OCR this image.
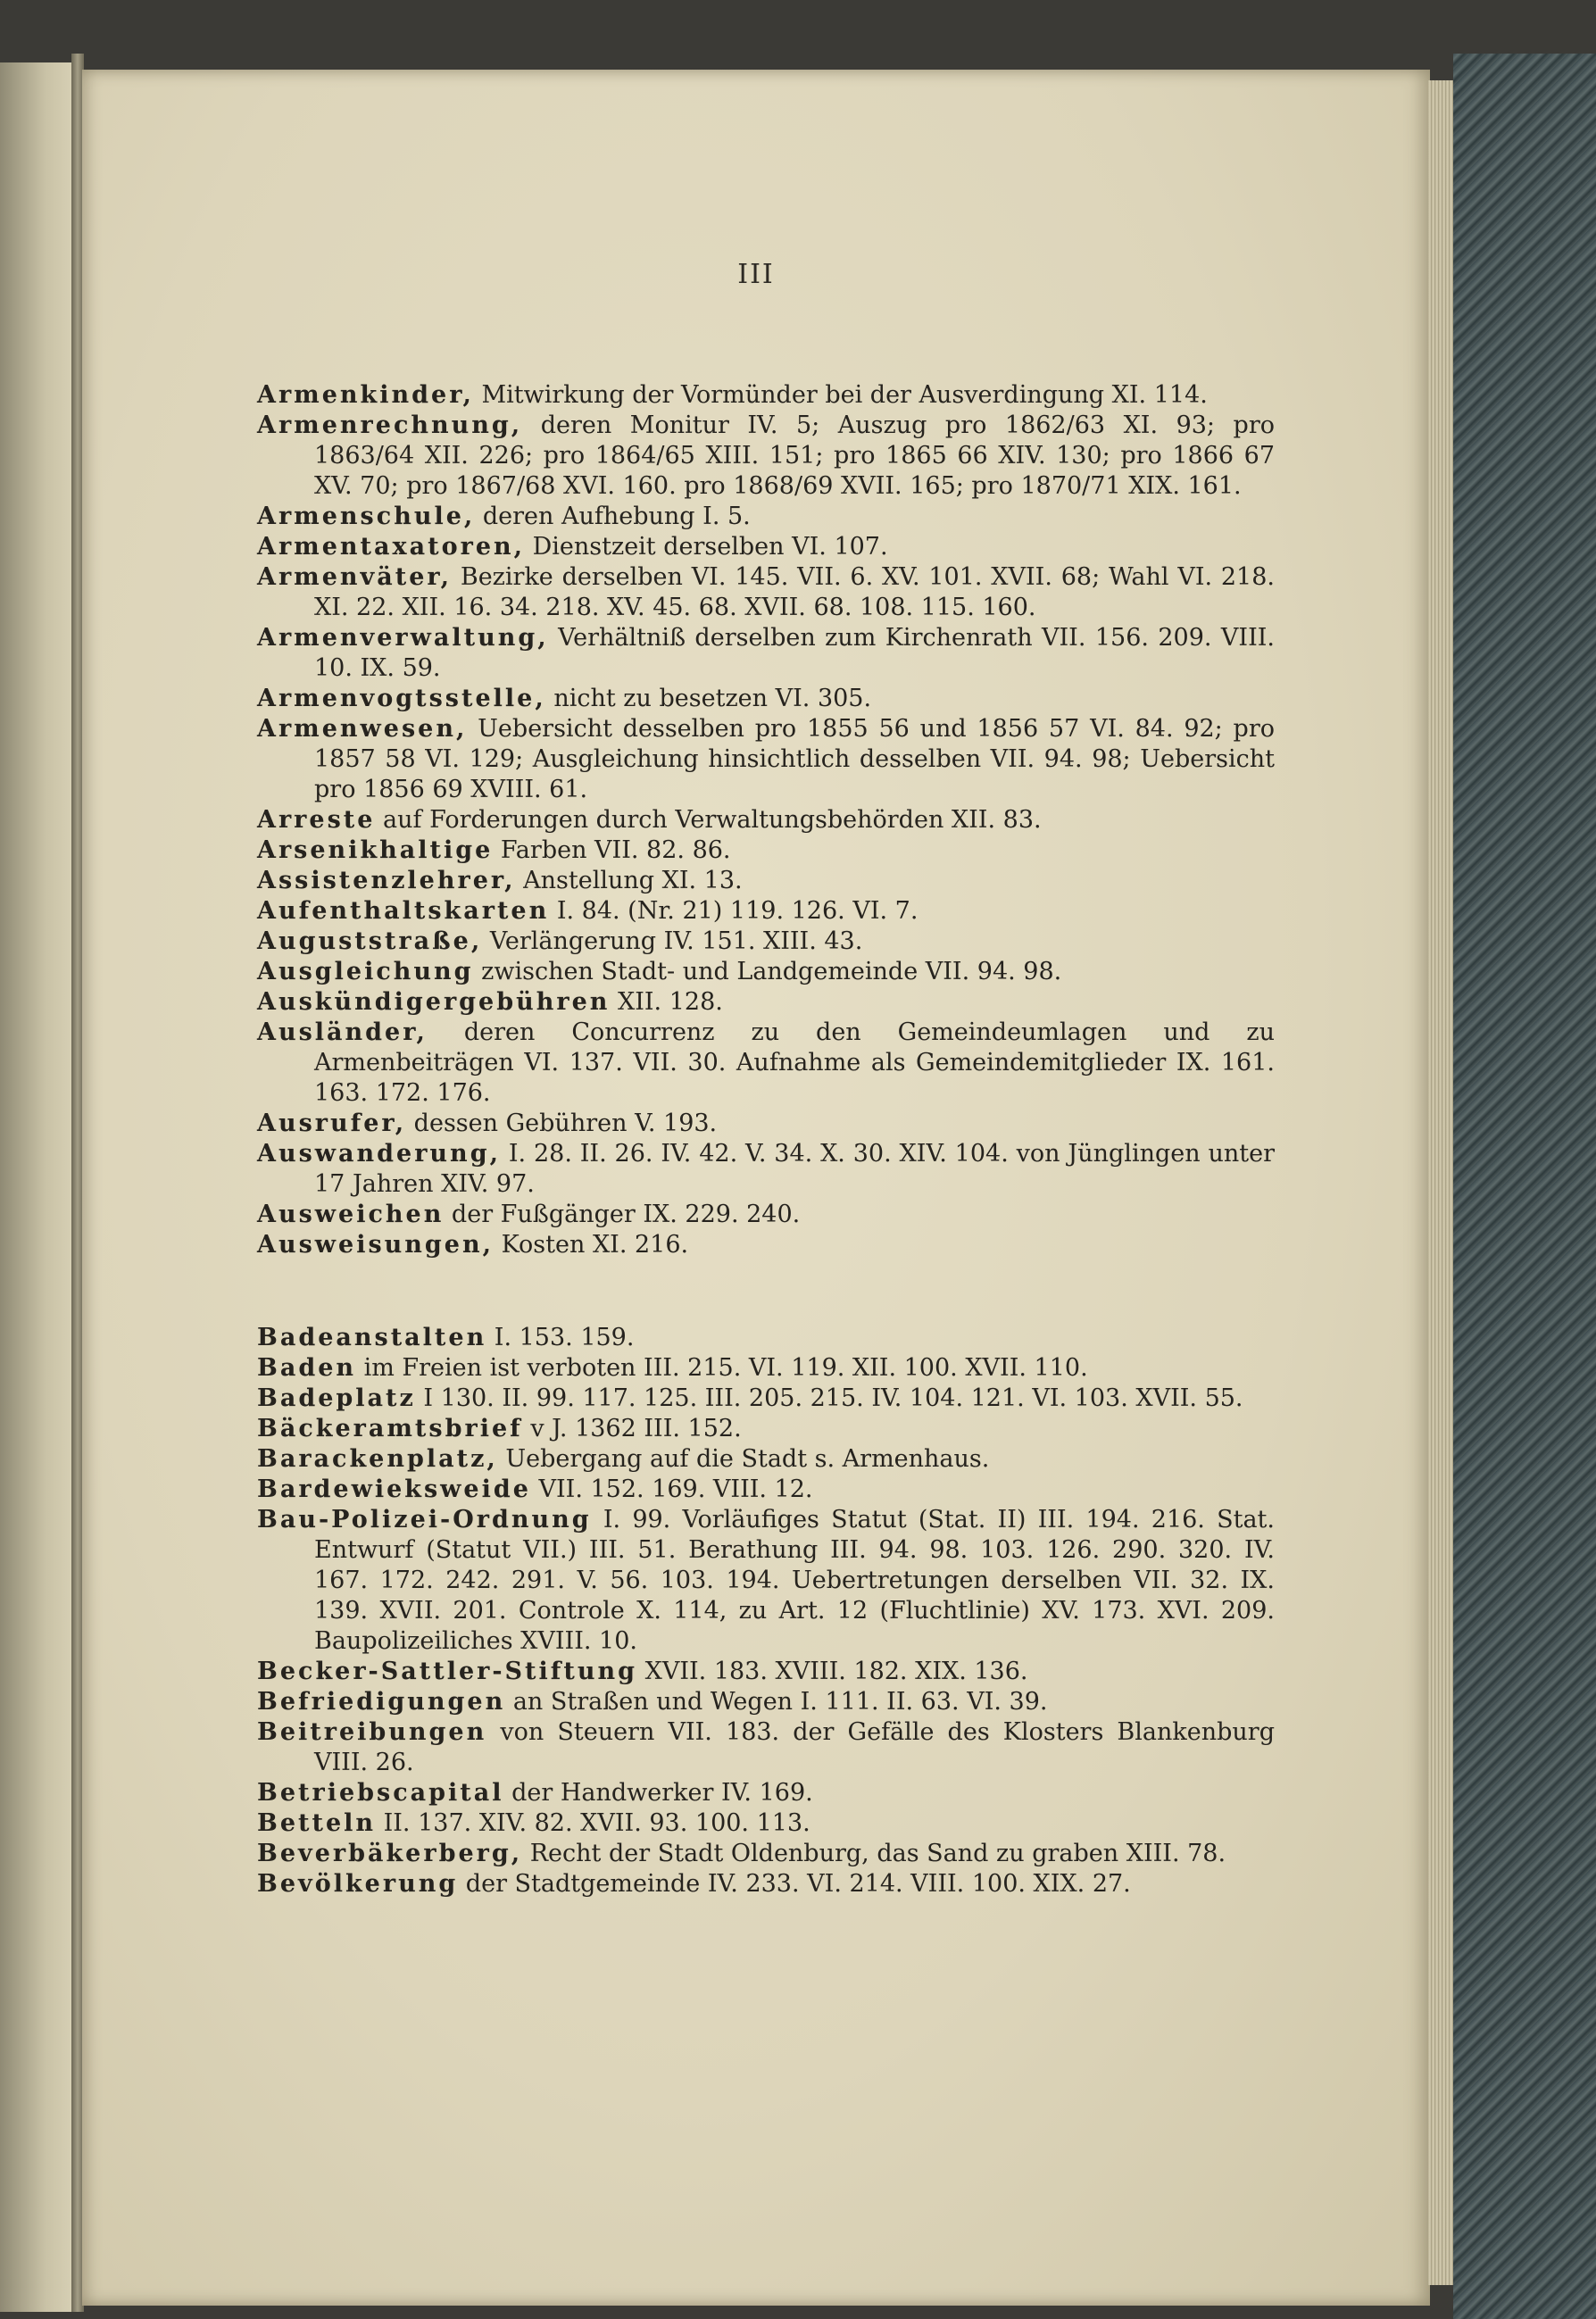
III

Armenkinder, Mitwirkung der Vormünder bei der Ausverdingung XI. 114.

Armenrechnung, deren Monitur IV. 5; Auszug pro 1862/63 XI. 93; pro 1863/64 XII. 226; pro 1864/65 XIII. 151; pro 1865 66 XIV. 130; pro 1866 67 XV. 70; pro 1867/68 XVI. 160. pro 1868/69 XVII. 165; pro 1870/71 XIX. 161.

Armenschule, deren Aufhebung I. 5.

Armentaxatoren, Dienstzeit derselben VI. 107.

Armenväter, Bezirke derselben VI. 145. VII. 6. XV. 101. XVII. 68; Wahl VI. 218. XI. 22. XII. 16. 34. 218. XV. 45. 68. XVII. 68. 108. 115. 160.

Armenverwaltung, Verhältniß derselben zum Kirchenrath VII. 156. 209. VIII. 10. IX. 59.

Armenvogtsstelle, nicht zu besetzen VI. 305.

Armenwesen, Uebersicht desselben pro 1855 56 und 1856 57 VI. 84. 92; pro 1857 58 VI. 129; Ausgleichung hinsichtlich desselben VII. 94. 98; Uebersicht pro 1856 69 XVIII. 61.

Arreste auf Forderungen durch Verwaltungsbehörden XII. 83.

Arsenikhaltige Farben VII. 82. 86.

Assistenzlehrer, Anstellung XI. 13.

Aufenthaltskarten I. 84. (Nr. 21) 119. 126. VI. 7.

Auguststraße, Verlängerung IV. 151. XIII. 43.

Ausgleichung zwischen Stadt- und Landgemeinde VII. 94. 98.

Auskündigergebühren XII. 128.

Ausländer, deren Concurrenz zu den Gemeindeumlagen und zu Armenbeiträgen VI. 137. VII. 30. Aufnahme als Gemeindemitglieder IX. 161. 163. 172. 176.

Ausrufer, dessen Gebühren V. 193.

Auswanderung, I. 28. II. 26. IV. 42. V. 34. X. 30. XIV. 104. von Jünglingen unter 17 Jahren XIV. 97.

Ausweichen der Fußgänger IX. 229. 240.

Ausweisungen, Kosten XI. 216.

Badeanstalten I. 153. 159.

Baden im Freien ist verboten III. 215. VI. 119. XII. 100. XVII. 110.

Badeplatz I 130. II. 99. 117. 125. III. 205. 215. IV. 104. 121. VI. 103. XVII. 55.

Bäckeramtsbrief v J. 1362 III. 152.

Barackenplatz, Uebergang auf die Stadt s. Armenhaus.

Bardewieksweide VII. 152. 169. VIII. 12.

Bau-Polizei-Ordnung I. 99. Vorläufiges Statut (Stat. II) III. 194. 216. Stat. Entwurf (Statut VII.) III. 51. Berathung III. 94. 98. 103. 126. 290. 320. IV. 167. 172. 242. 291. V. 56. 103. 194. Uebertretungen derselben VII. 32. IX. 139. XVII. 201. Controle X. 114, zu Art. 12 (Fluchtlinie) XV. 173. XVI. 209. Baupolizeiliches XVIII. 10.

Becker-Sattler-Stiftung XVII. 183. XVIII. 182. XIX. 136.

Befriedigungen an Straßen und Wegen I. 111. II. 63. VI. 39.

Beitreibungen von Steuern VII. 183. der Gefälle des Klosters Blankenburg VIII. 26.

Betriebscapital der Handwerker IV. 169.

Betteln II. 137. XIV. 82. XVII. 93. 100. 113.

Beverbäkerberg, Recht der Stadt Oldenburg, das Sand zu graben XIII. 78.

Bevölkerung der Stadtgemeinde IV. 233. VI. 214. VIII. 100. XIX. 27.
